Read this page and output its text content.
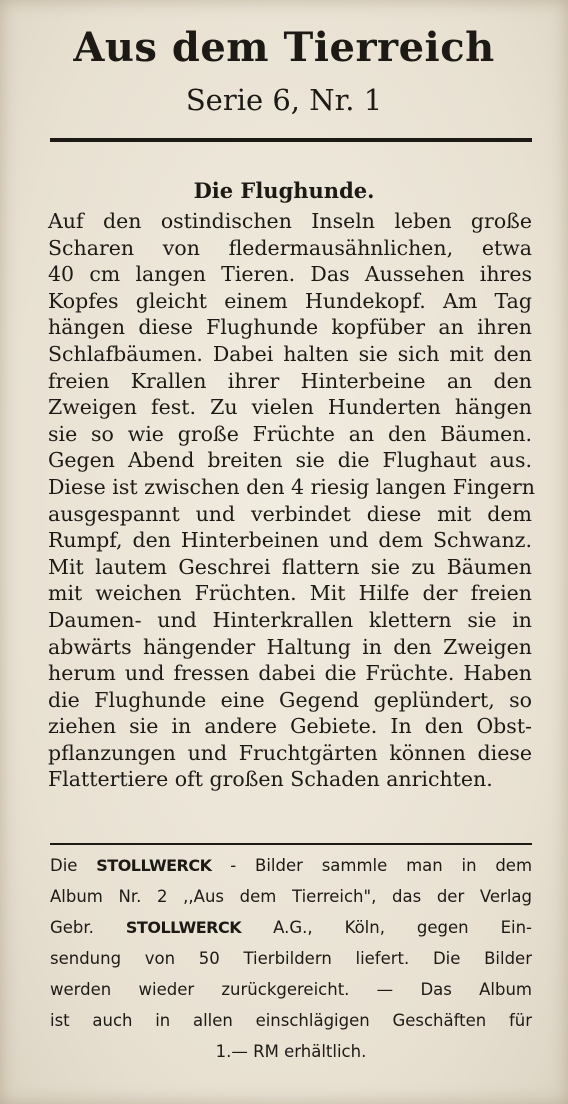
Aus dem Tierreich
Serie 6, Nr. 1
Die Flughunde.
Auf den ostindischen Inseln leben große
Scharen von fledermausähnlichen, etwa
40 cm langen Tieren. Das Aussehen ihres
Kopfes gleicht einem Hundekopf. Am Tag
hängen diese Flughunde kopfüber an ihren
Schlafbäumen. Dabei halten sie sich mit den
freien Krallen ihrer Hinterbeine an den
Zweigen fest. Zu vielen Hunderten hängen
sie so wie große Früchte an den Bäumen.
Gegen Abend breiten sie die Flughaut aus.
Diese ist zwischen den 4 riesig langen Fingern
ausgespannt und verbindet diese mit dem
Rumpf, den Hinterbeinen und dem Schwanz.
Mit lautem Geschrei flattern sie zu Bäumen
mit weichen Früchten. Mit Hilfe der freien
Daumen- und Hinterkrallen klettern sie in
abwärts hängender Haltung in den Zweigen
herum und fressen dabei die Früchte. Haben
die Flughunde eine Gegend geplündert, so
ziehen sie in andere Gebiete. In den Obst-
pflanzungen und Fruchtgärten können diese
Flattertiere oft großen Schaden anrichten.
Die STOLLWERCK - Bilder sammle man in dem
Album Nr. 2 ,,Aus dem Tierreich", das der Verlag
Gebr. STOLLWERCK A.G., Köln, gegen Ein-
sendung von 50 Tierbildern liefert. Die Bilder
werden wieder zurückgereicht. — Das Album
ist auch in allen einschlägigen Geschäften für
1.— RM erhältlich.
